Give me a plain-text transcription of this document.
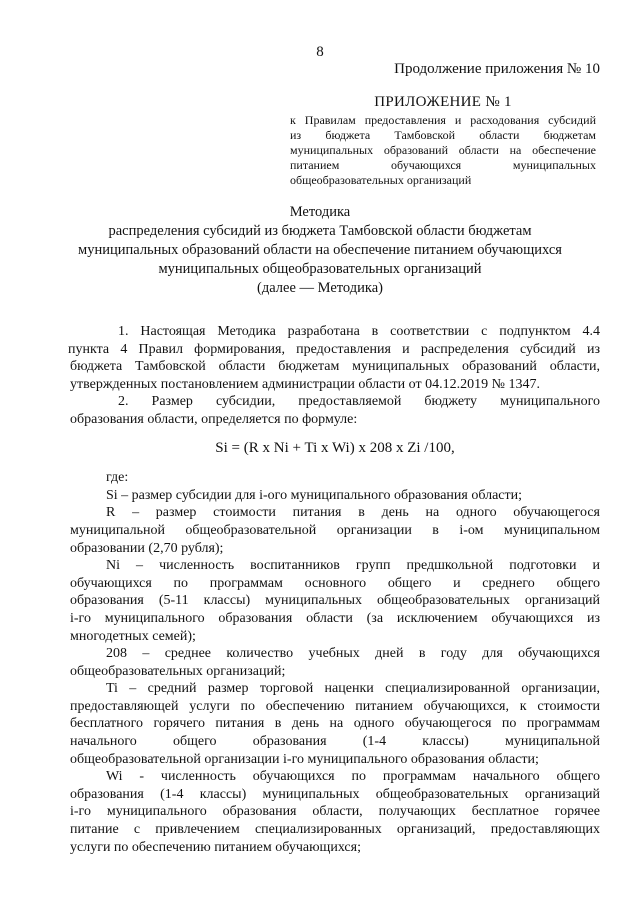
8
Продолжение приложения № 10
ПРИЛОЖЕНИЕ № 1
к Правилам предоставления и расходования субсидий
из бюджета Тамбовской области бюджетам
муниципальных образований области на обеспечение
питанием обучающихся муниципальных
общеобразовательных организаций
Методика
распределения субсидий из бюджета Тамбовской области бюджетам
муниципальных образований области на обеспечение питанием обучающихся
муниципальных общеобразовательных организаций
(далее — Методика)
1. Настоящая Методика разработана в соответствии с подпунктом 4.4
пункта 4 Правил формирования, предоставления и распределения субсидий из
бюджета Тамбовской области бюджетам муниципальных образований области,
утвержденных постановлением администрации области от 04.12.2019 № 1347.
2. Размер субсидии, предоставляемой бюджету муниципального
образования области, определяется по формуле:
Si = (R x Ni + Ti x Wi) x 208 x Zi /100,
где:
Si – размер субсидии для i-ого муниципального образования области;
R – размер стоимости питания в день на одного обучающегося
муниципальной общеобразовательной организации в i-ом муниципальном
образовании (2,70 рубля);
Ni – численность воспитанников групп предшкольной подготовки и
обучающихся по программам основного общего и среднего общего
образования (5-11 классы) муниципальных общеобразовательных организаций
i-го муниципального образования области (за исключением обучающихся из
многодетных семей);
208 – среднее количество учебных дней в году для обучающихся
общеобразовательных организаций;
Ti – средний размер торговой наценки специализированной организации,
предоставляющей услуги по обеспечению питанием обучающихся, к стоимости
бесплатного горячего питания в день на одного обучающегося по программам
начального общего образования (1-4 классы) муниципальной
общеобразовательной организации i-го муниципального образования области;
Wi - численность обучающихся по программам начального общего
образования (1-4 классы) муниципальных общеобразовательных организаций
i-го муниципального образования области, получающих бесплатное горячее
питание с привлечением специализированных организаций, предоставляющих
услуги по обеспечению питанием обучающихся;
